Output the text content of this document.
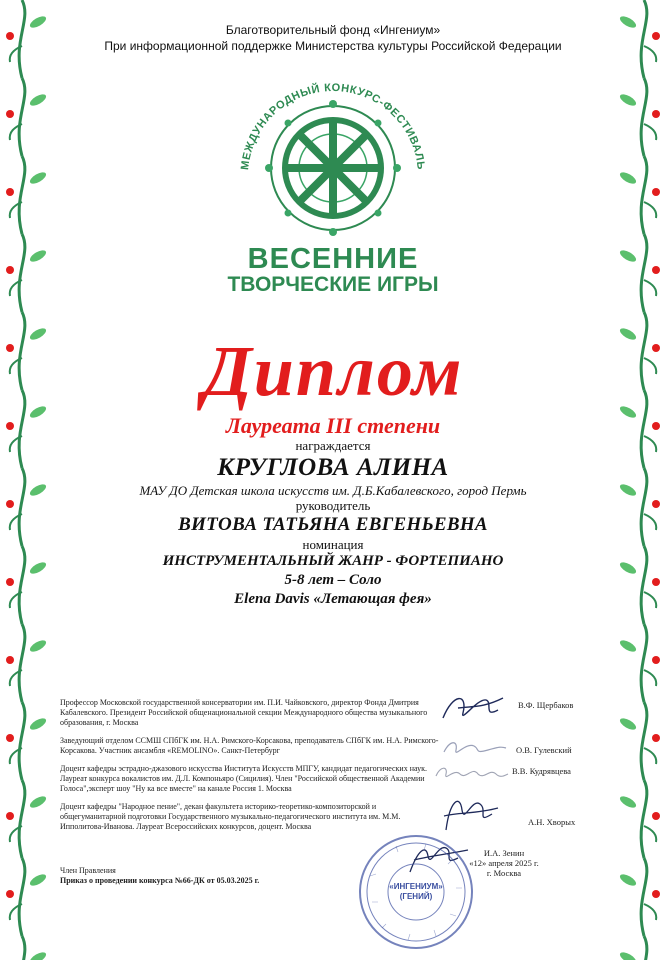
Благотворительный фонд «Ингениум»
При информационной поддержке Министерства культуры Российской Федерации
МЕЖДУНАРОДНЫЙ КОНКУРС-ФЕСТИВАЛЬ
ВЕСЕННИЕ
ТВОРЧЕСКИЕ ИГРЫ
Диплом
Лауреата III степени
награждается
КРУГЛОВА АЛИНА
МАУ ДО Детская школа искусств им. Д.Б.Кабалевского, город Пермь
руководитель
ВИТОВА ТАТЬЯНА ЕВГЕНЬЕВНА
номинация
ИНСТРУМЕНТАЛЬНЫЙ ЖАНР - ФОРТЕПИАНО
5-8 лет – Соло
Elena Davis «Летающая фея»

Профессор Московской государственной консерватории им. П.И. Чайковского, директор Фонда Дмитрия Кабалевского. Президент Российской общенациональной секции Международного общества музыкального образования, г. Москва

Заведующий отделом ССМШ СПбГК им. Н.А. Римского-Корсакова, преподаватель СПбГК им. Н.А. Римского-Корсакова. Участник ансамбля «REMOLINO». Санкт-Петербург

Доцент кафедры эстрадно-джазового искусства Института Искусств МПГУ, кандидат педагогических наук. Лауреат конкурса вокалистов им. Д.Л. Компоньяро (Сицилия). Член "Российской общественной Академии Голоса",эксперт шоу "Ну ка все вместе" на канале Россия 1. Москва

Доцент кафедры "Народное пение", декан факультета историко-теоретико-композиторской и общегуманитарной подготовки Государственного музыкально-педагогического института им. М.М. Ипполитова-Иванова. Лауреат Всероссийских конкурсов, доцент. Москва

В.Ф. Щербаков
О.В. Гулевский
В.В. Кудрявцева
А.Н. Хворых
«ИНГЕНИУМ»
(ГЕНИЙ)
Член Правления
Приказ о проведении конкурса №66-ДК от 05.03.2025 г.
И.А. Зенин
«12» апреля 2025 г.
г. Москва
